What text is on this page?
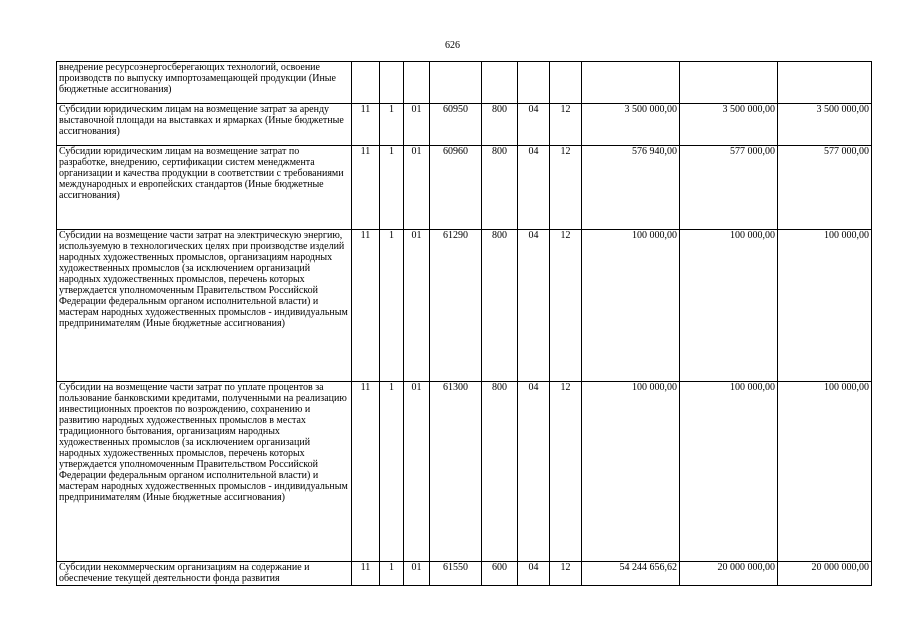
626
внедрение ресурсоэнергосберегающих технологий, освоение производств по выпуску импортозамещающей продукции (Иные бюджетные ассигнования)										
Субсидии юридическим лицам на возмещение затрат за аренду выставочной площади на выставках и ярмарках (Иные бюджетные ассигнования)	11	1	01	60950	800	04	12	3 500 000,00	3 500 000,00	3 500 000,00
Субсидии юридическим лицам на возмещение затрат по разработке, внедрению, сертификации систем менеджмента организации и качества продукции в соответствии с требованиями международных и европейских стандартов (Иные бюджетные ассигнования)	11	1	01	60960	800	04	12	576 940,00	577 000,00	577 000,00
Субсидии на возмещение части затрат на электрическую энергию, используемую в технологических целях при производстве изделий народных художественных промыслов, организациям народных художественных промыслов (за исключением организаций народных художественных промыслов, перечень которых утверждается уполномоченным Правительством Российской Федерации федеральным органом исполнительной власти) и мастерам народных художественных промыслов - индивидуальным предпринимателям (Иные бюджетные ассигнования)	11	1	01	61290	800	04	12	100 000,00	100 000,00	100 000,00
Субсидии на возмещение части затрат по уплате процентов за пользование банковскими кредитами, полученными на реализацию инвестиционных проектов по возрождению, сохранению и развитию народных художественных промыслов в местах традиционного бытования, организациям народных художественных промыслов (за исключением организаций народных художественных промыслов, перечень которых утверждается уполномоченным Правительством Российской Федерации федеральным органом исполнительной власти) и мастерам народных художественных промыслов - индивидуальным предпринимателям (Иные бюджетные ассигнования)	11	1	01	61300	800	04	12	100 000,00	100 000,00	100 000,00
Субсидии некоммерческим организациям на содержание и обеспечение текущей деятельности фонда развития	11	1	01	61550	600	04	12	54 244 656,62	20 000 000,00	20 000 000,00
